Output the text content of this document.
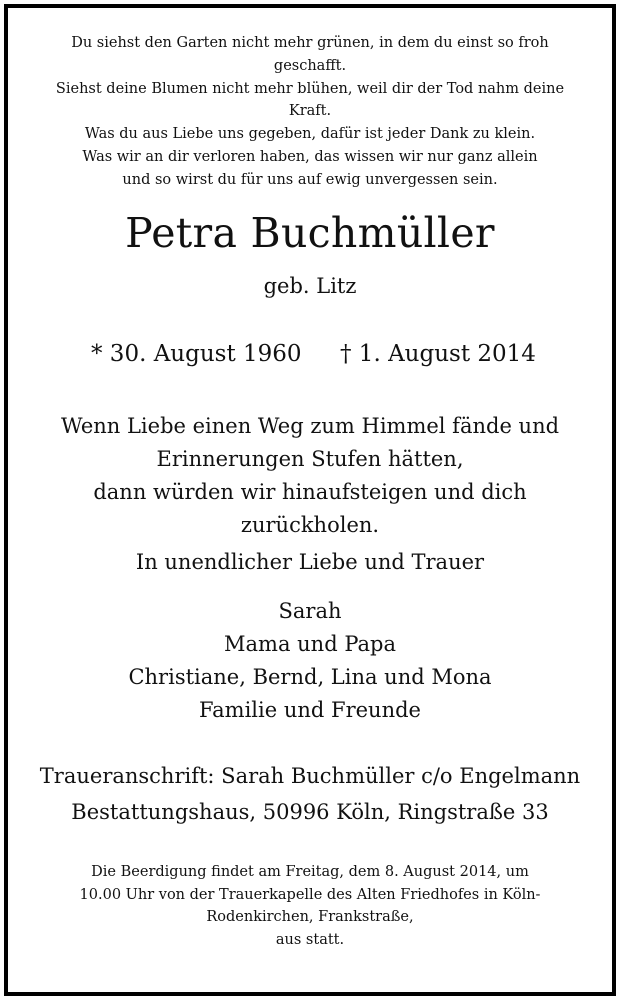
Du siehst den Garten nicht mehr grünen, in dem du einst so froh
geschafft.
Siehst deine Blumen nicht mehr blühen, weil dir der Tod nahm deine
Kraft.
Was du aus Liebe uns gegeben, dafür ist jeder Dank zu klein.
Was wir an dir verloren haben, das wissen wir nur ganz allein
und so wirst du für uns auf ewig unvergessen sein.
Petra Buchmüller
geb. Litz
* 30. August 1960 † 1. August 2014
Wenn Liebe einen Weg zum Himmel fände und
Erinnerungen Stufen hätten,
dann würden wir hinaufsteigen und dich
zurückholen.
In unendlicher Liebe und Trauer
Sarah
Mama und Papa
Christiane, Bernd, Lina und Mona
Familie und Freunde
Traueranschrift: Sarah Buchmüller c/o Engelmann
Bestattungshaus, 50996 Köln, Ringstraße 33
Die Beerdigung findet am Freitag, dem 8. August 2014, um
10.00 Uhr von der Trauerkapelle des Alten Friedhofes in Köln-
Rodenkirchen, Frankstraße,
aus statt.
